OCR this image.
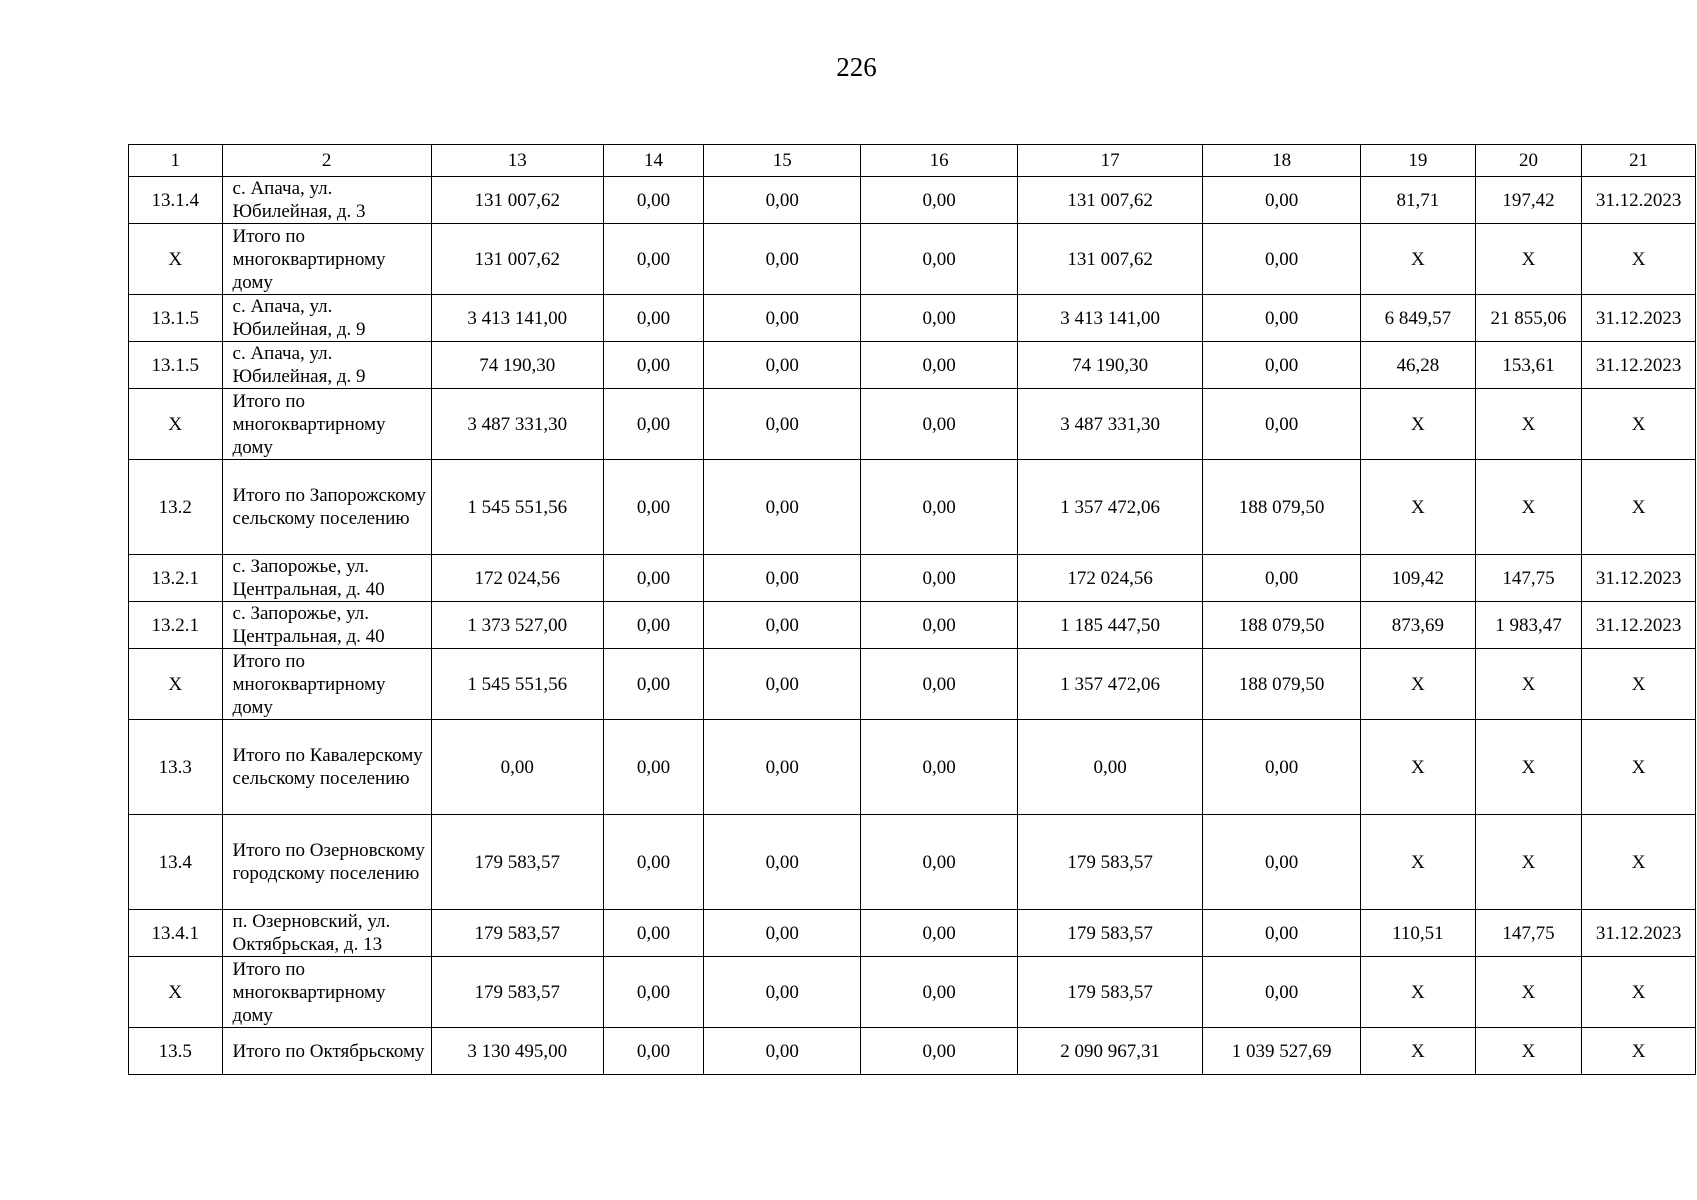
226
1	2	13	14	15	16	17	18	19	20	21
13.1.4	с. Апача, ул. Юбилейная, д. 3	131 007,62	0,00	0,00	0,00	131 007,62	0,00	81,71	197,42	31.12.2023
Х	Итого по многоквартирному дому	131 007,62	0,00	0,00	0,00	131 007,62	0,00	Х	Х	Х
13.1.5	с. Апача, ул. Юбилейная, д. 9	3 413 141,00	0,00	0,00	0,00	3 413 141,00	0,00	6 849,57	21 855,06	31.12.2023
13.1.5	с. Апача, ул. Юбилейная, д. 9	74 190,30	0,00	0,00	0,00	74 190,30	0,00	46,28	153,61	31.12.2023
Х	Итого по многоквартирному дому	3 487 331,30	0,00	0,00	0,00	3 487 331,30	0,00	Х	Х	Х
13.2	Итого по Запорожскому сельскому поселению	1 545 551,56	0,00	0,00	0,00	1 357 472,06	188 079,50	Х	Х	Х
13.2.1	с. Запорожье, ул. Центральная, д. 40	172 024,56	0,00	0,00	0,00	172 024,56	0,00	109,42	147,75	31.12.2023
13.2.1	с. Запорожье, ул. Центральная, д. 40	1 373 527,00	0,00	0,00	0,00	1 185 447,50	188 079,50	873,69	1 983,47	31.12.2023
Х	Итого по многоквартирному дому	1 545 551,56	0,00	0,00	0,00	1 357 472,06	188 079,50	Х	Х	Х
13.3	Итого по Кавалерскому сельскому поселению	0,00	0,00	0,00	0,00	0,00	0,00	Х	Х	Х
13.4	Итого по Озерновскому городскому поселению	179 583,57	0,00	0,00	0,00	179 583,57	0,00	Х	Х	Х
13.4.1	п. Озерновский, ул. Октябрьская, д. 13	179 583,57	0,00	0,00	0,00	179 583,57	0,00	110,51	147,75	31.12.2023
Х	Итого по многоквартирному дому	179 583,57	0,00	0,00	0,00	179 583,57	0,00	Х	Х	Х
13.5	Итого по Октябрьскому	3 130 495,00	0,00	0,00	0,00	2 090 967,31	1 039 527,69	Х	Х	Х
